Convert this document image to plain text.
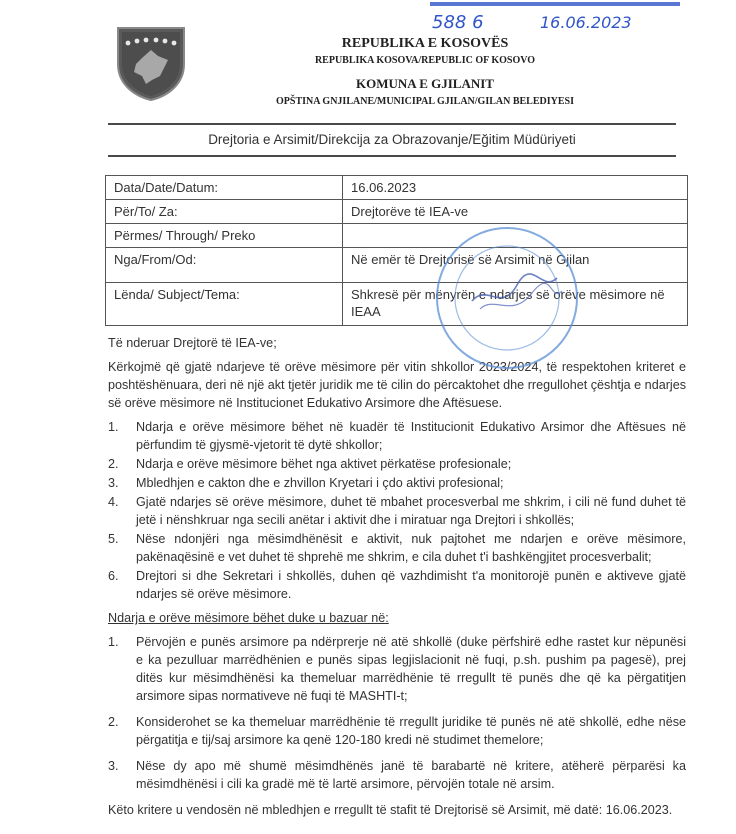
588 6	16.06.2023
REPUBLIKA E KOSOVËS
REPUBLIKA KOSOVA/REPUBLIC OF KOSOVO
KOMUNA E GJILANIT
OPŠTINA GNJILANE/MUNICIPAL GJILAN/GILAN BELEDIYESI
Drejtoria e Arsimit/Direkcija za Obrazovanje/Eğitim Müdüriyeti
Data/Date/Datum:	16.06.2023
Për/To/ Za:	Drejtorëve të IEA-ve
Përmes/ Through/ Preko	
Nga/From/Od:	Në emër të Drejtorisë së Arsimit në Gjilan
Lënda/ Subject/Tema:	Shkresë për mënyrën e ndarjes së orëve mësimore në IEAA
Të nderuar Drejtorë të IEA-ve;
Kërkojmë që gjatë ndarjeve të orëve mësimore për vitin shkollor 2023/2024, të respektohen kriteret e poshtëshënuara, deri në një akt tjetër juridik me të cilin do përcaktohet dhe rregullohet çështja e ndarjes së orëve mësimore në Institucionet Edukativo Arsimore dhe Aftësuese.
1. Ndarja e orëve mësimore bëhet në kuadër të Institucionit Edukativo Arsimor dhe Aftësues në përfundim të gjysmë-vjetorit të dytë shkollor;
2. Ndarja e orëve mësimore bëhet nga aktivet përkatëse profesionale;
3. Mbledhjen e cakton dhe e zhvillon Kryetari i çdo aktivi profesional;
4. Gjatë ndarjes së orëve mësimore, duhet të mbahet procesverbal me shkrim, i cili në fund duhet të jetë i nënshkruar nga secili anëtar i aktivit dhe i miratuar nga Drejtori i shkollës;
5. Nëse ndonjëri nga mësimdhënësit e aktivit, nuk pajtohet me ndarjen e orëve mësimore, pakënaqësinë e vet duhet të shprehë me shkrim, e cila duhet t'i bashkëngjitet procesverbalit;
6. Drejtori si dhe Sekretari i shkollës, duhen që vazhdimisht t'a monitorojë punën e aktiveve gjatë ndarjes së orëve mësimore.
Ndarja e orëve mësimore bëhet duke u bazuar në:
1. Përvojën e punës arsimore pa ndërprerje në atë shkollë (duke përfshirë edhe rastet kur nëpunësi e ka pezulluar marrëdhënien e punës sipas legjislacionit në fuqi, p.sh. pushim pa pagesë), prej ditës kur mësimdhënësi ka themeluar marrëdhënie të rregullt të punës dhe që ka përgatitjen arsimore sipas normativeve në fuqi të MASHTI-t;
2. Konsiderohet se ka themeluar marrëdhënie të rregullt juridike të punës në atë shkollë, edhe nëse përgatitja e tij/saj arsimore ka qenë 120-180 kredi në studimet themelore;
3. Nëse dy apo më shumë mësimdhënës janë të barabartë në kritere, atëherë përparësi ka mësimdhënësi i cili ka gradë më të lartë arsimore, përvojën totale në arsim.
Këto kritere u vendosën në mbledhjen e rregullt të stafit të Drejtorisë së Arsimit, më datë: 16.06.2023.
